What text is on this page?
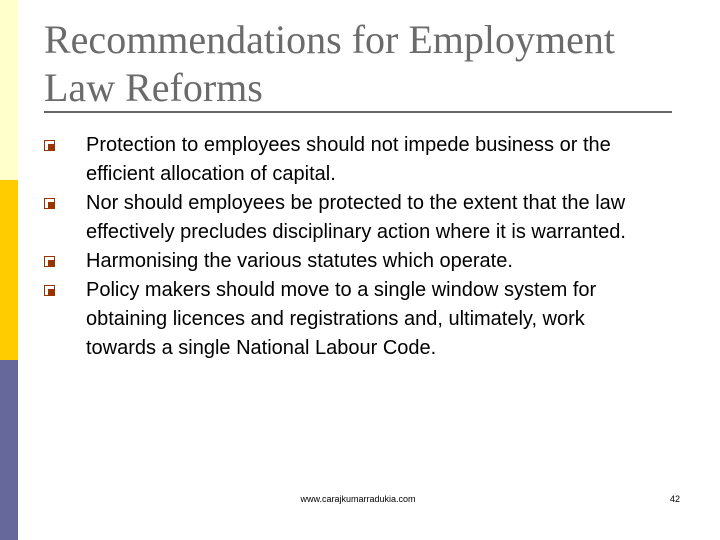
Recommendations for Employment Law Reforms
Protection to employees should not impede business or the efficient allocation of capital.
Nor should employees be protected to the extent that the law effectively precludes disciplinary action where it is warranted.
Harmonising the various statutes which operate.
Policy makers should move to a single window system for obtaining licences and registrations and, ultimately, work towards a single National Labour Code.
www.carajkumarradukia.com	42
